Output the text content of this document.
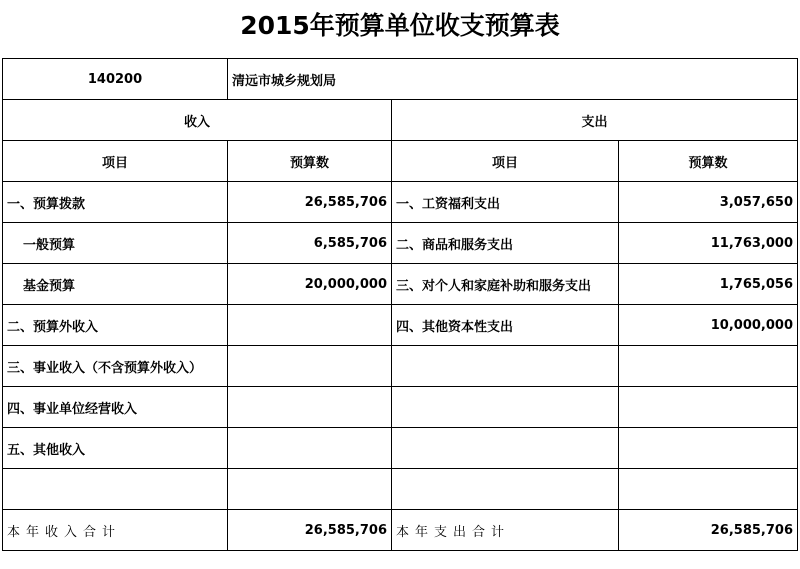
2015年预算单位收支预算表
140200	清远市城乡规划局		
收入		支出	
项目	预算数	项目	预算数
一、预算拨款	26,585,706	一、工资福利支出	3,057,650
一般预算	6,585,706	二、商品和服务支出	11,763,000
基金预算	20,000,000	三、对个人和家庭补助和服务支出	1,765,056
二、预算外收入		四、其他资本性支出	10,000,000
三、事业收入（不含预算外收入）			
四、事业单位经营收入			
五、其他收入			

本年收入合计	26,585,706	本年支出合计	26,585,706
